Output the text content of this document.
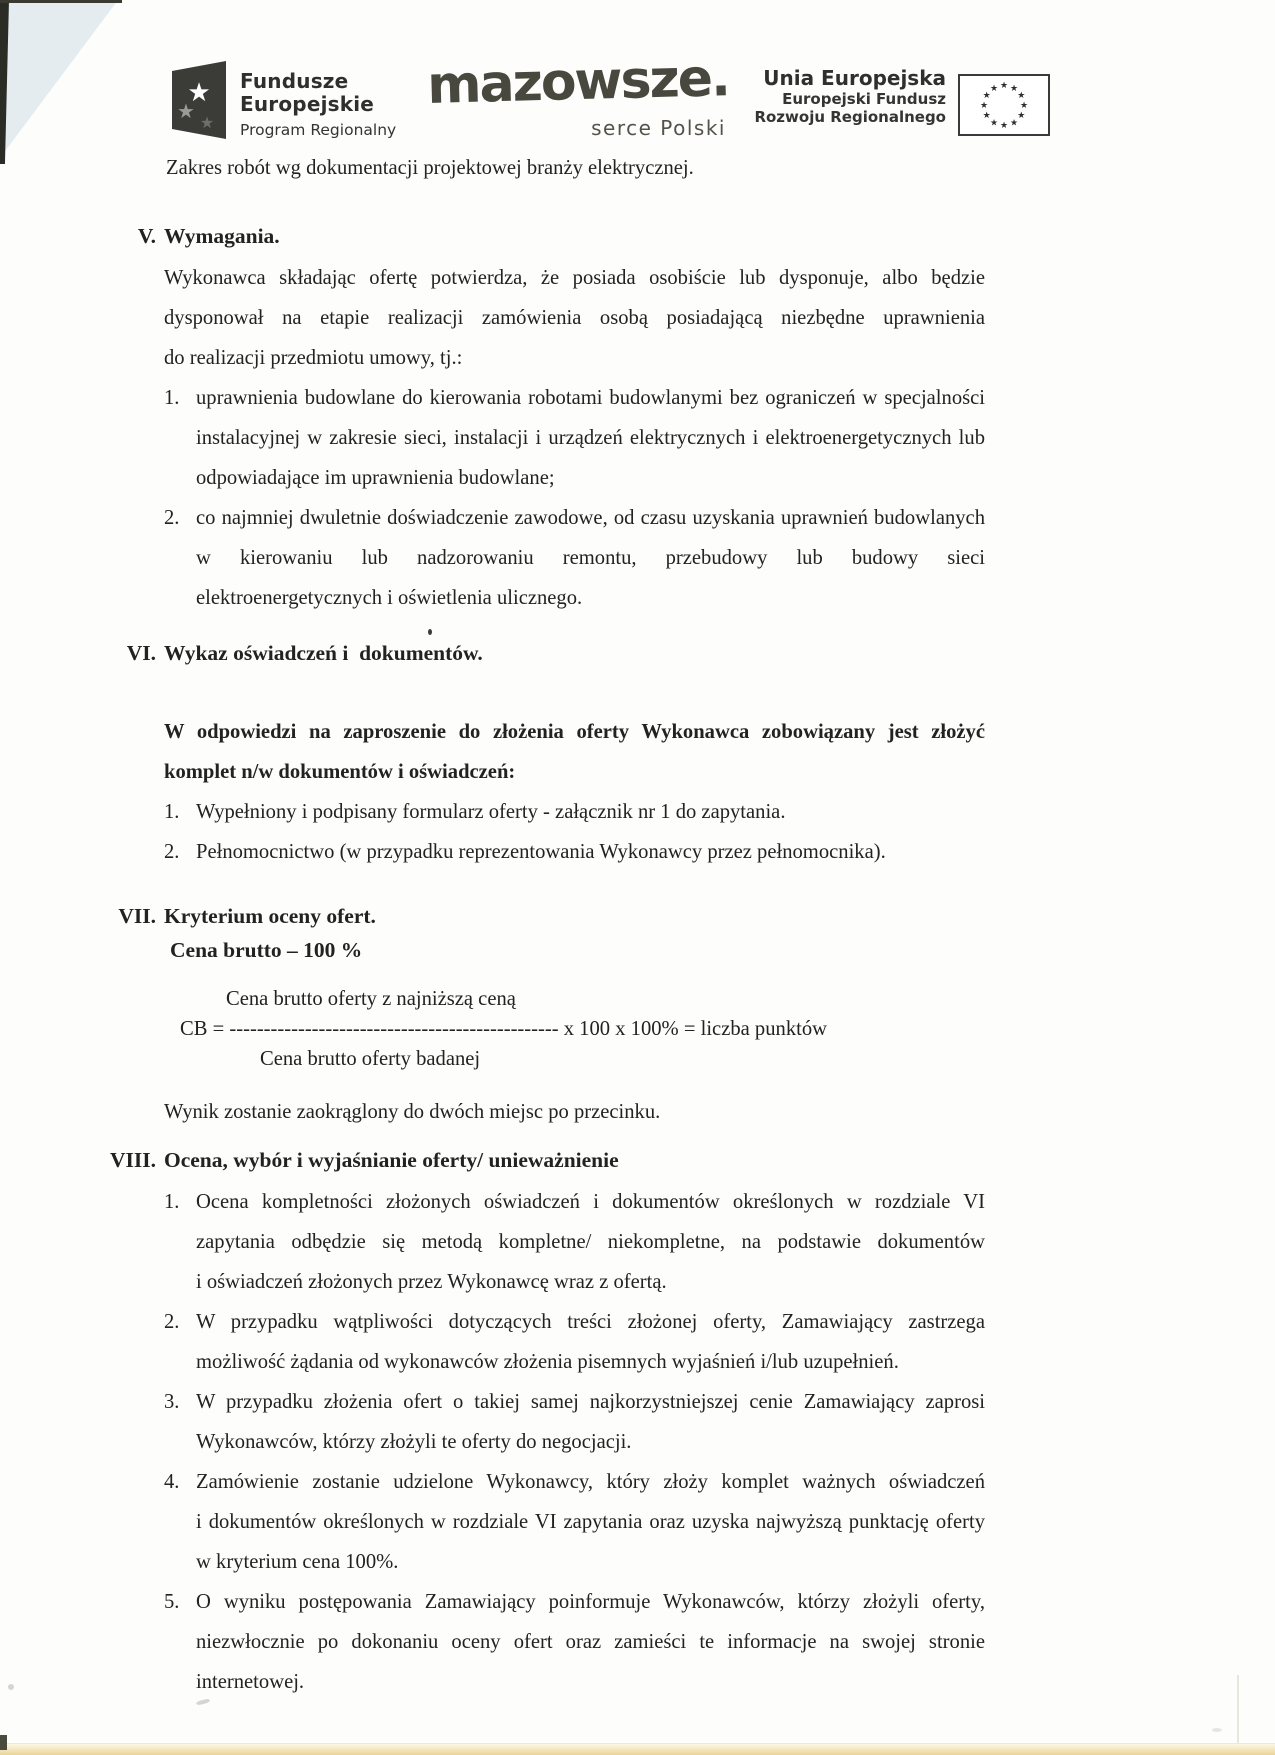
★
★ ★
Fundusze
Europejskie
Program Regionalny
mazowsze.
serce Polski
Unia Europejska
Europejski Fundusz
Rozwoju Regionalnego
★ ★
★
★
★
★
★
★
★
★
★
★
Zakres robót wg dokumentacji projektowej branży elektrycznej.
V. Wymagania.
Wykonawca składając ofertę potwierdza, że posiada osobiście lub dysponuje, albo będzie
dysponował na etapie realizacji zamówienia osobą posiadającą niezbędne uprawnienia
do realizacji przedmiotu umowy, tj.:
1. uprawnienia budowlane do kierowania robotami budowlanymi bez ograniczeń w specjalności
instalacyjnej w zakresie sieci, instalacji i urządzeń elektrycznych i elektroenergetycznych lub
odpowiadające im uprawnienia budowlane;
2. co najmniej dwuletnie doświadczenie zawodowe, od czasu uzyskania uprawnień budowlanych
w kierowaniu lub nadzorowaniu remontu, przebudowy lub budowy sieci
elektroenergetycznych i oświetlenia ulicznego.
VI. Wykaz oświadczeń i  dokumentów.
W odpowiedzi na zaproszenie do złożenia oferty Wykonawca zobowiązany jest złożyć
komplet n/w dokumentów i oświadczeń:
1. Wypełniony i podpisany formularz oferty - załącznik nr 1 do zapytania.
2. Pełnomocnictwo (w przypadku reprezentowania Wykonawcy przez pełnomocnika).
VII. Kryterium oceny ofert.
Cena brutto – 100 %
Cena brutto oferty z najniższą ceną
CB = ------------------------------------------------ x 100 x 100% = liczba punktów
Cena brutto oferty badanej
Wynik zostanie zaokrąglony do dwóch miejsc po przecinku.
VIII. Ocena, wybór i wyjaśnianie oferty/ unieważnienie
1. Ocena kompletności złożonych oświadczeń i dokumentów określonych w rozdziale VI
zapytania odbędzie się metodą kompletne/ niekompletne, na podstawie dokumentów
i oświadczeń złożonych przez Wykonawcę wraz z ofertą.
2. W przypadku wątpliwości dotyczących treści złożonej oferty, Zamawiający zastrzega
możliwość żądania od wykonawców złożenia pisemnych wyjaśnień i/lub uzupełnień.
3. W przypadku złożenia ofert o takiej samej najkorzystniejszej cenie Zamawiający zaprosi
Wykonawców, którzy złożyli te oferty do negocjacji.
4. Zamówienie zostanie udzielone Wykonawcy, który złoży komplet ważnych oświadczeń
i dokumentów określonych w rozdziale VI zapytania oraz uzyska najwyższą punktację oferty
w kryterium cena 100%.
5. O wyniku postępowania Zamawiający poinformuje Wykonawców, którzy złożyli oferty,
niezwłocznie po dokonaniu oceny ofert oraz zamieści te informacje na swojej stronie
internetowej.
